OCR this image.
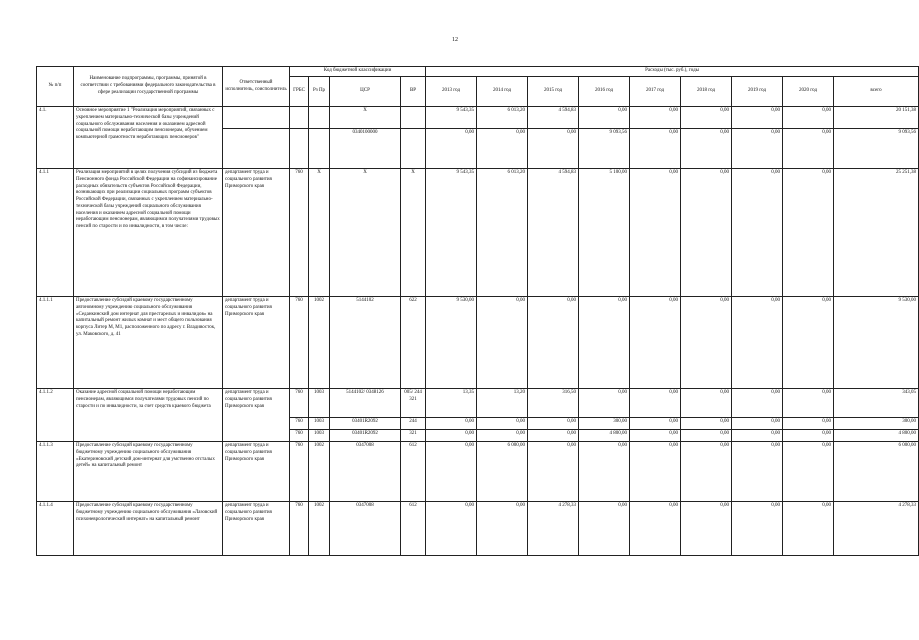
12
№ п/п	Наименование подпрограммы, программы, принятой в соответствии с требованиями федерального законодательства в сфере реализации государственной программы	Ответственный исполнитель, соисполнитель	Код бюджетной классификации				Расходы (тыс. руб.), годы								
			ГРБС	Рз Пр	ЦСР	ВР	2013 год	2014 год	2015 год	2016 год	2017 год	2018 год	2019 год	2020 год	всего
4.1.	Основное мероприятие 1 "Реализация мероприятий, связанных с укреплением материально-технической базы учреждений социального обслуживания населения и оказанием адресной социальной помощи неработающим пенсионерам, обучением компьютерной грамотности неработающих пенсионеров"				X		9 543,35	6 013,20	4 594,83	0,00	0,00	0,00	0,00	0,00	20 151,38
					0340100000		0,00	0,00	0,00	9 093,56	0,00	0,00	0,00	0,00	9 093,56
4.1.1	Реализация мероприятий в целях получения субсидий из бюджета Пенсионного фонда Российской Федерации на софинансирование расходных обязательств субъектов Российской Федерации, возникающих при реализации социальных программ субъектов Российской Федерации, связанных с укреплением материально-технической базы учреждений социального обслуживания населения и оказанием адресной социальной помощи неработающим пенсионерам, являющимся получателями трудовых пенсий по старости и по инвалидности, в том числе:	департамент труда и социального развития Приморского края	760	X	X	X	9 543,35	6 013,20	4 594,83	5 100,00	0,00	0,00	0,00	0,00	25 251,38
4.1.1.1	Предоставление субсидий краевому государственному автономному учреждению социального обслуживания «Седанкинский дом интернат для престарелых и инвалидов» на капитальный ремонт жилых комнат и мест общего пользования корпуса Литер М, М1, расположенного по адресу г. Владивосток, ул. Маковского, д. 41	департамент труда и социального развития Приморского края	760	1002	5144102	622	9 530,00	0,00	0,00	0,00	0,00	0,00	0,00	0,00	9 530,00
4.1.1.2	Оказание адресной социальной помощи неработающим пенсионерам, являющимся получателями трудовых пенсий по старости и по инвалидности, за счет средств краевого бюджета	департамент труда и социального развития Приморского края	760	1003	5144102/ 0348126	005/ 244 321	13,35	13,20	316,50	0,00	0,00	0,00	0,00	0,00	343,05
			760	1003	03401R2092	244	0,00	0,00	0,00	300,00	0,00	0,00	0,00	0,00	300,00
			760	1003	03401R2092	321	0,00	0,00	0,00	4 800,00	0,00	0,00	0,00	0,00	4 800,00
4.1.1.3	Предоставление субсидий краевому государственному бюджетному учреждению социального обслуживания «Екатериновский детский дом-интернат для умственно отсталых детей» на капитальный ремонт	департамент труда и социального развития Приморского края	760	1002	0347008	612	0,00	6 000,00	0,00	0,00	0,00	0,00	0,00	0,00	6 000,00
4.1.1.4	Предоставление субсидий краевому государственному бюджетному учреждению социального обслуживания «Лазовский психоневрологический интернат» на капитальный ремонт	департамент труда и социального развития Приморского края	760	1002	0347008	612	0,00	0,00	4 278,33	0,00	0,00	0,00	0,00	0,00	4 278,33
